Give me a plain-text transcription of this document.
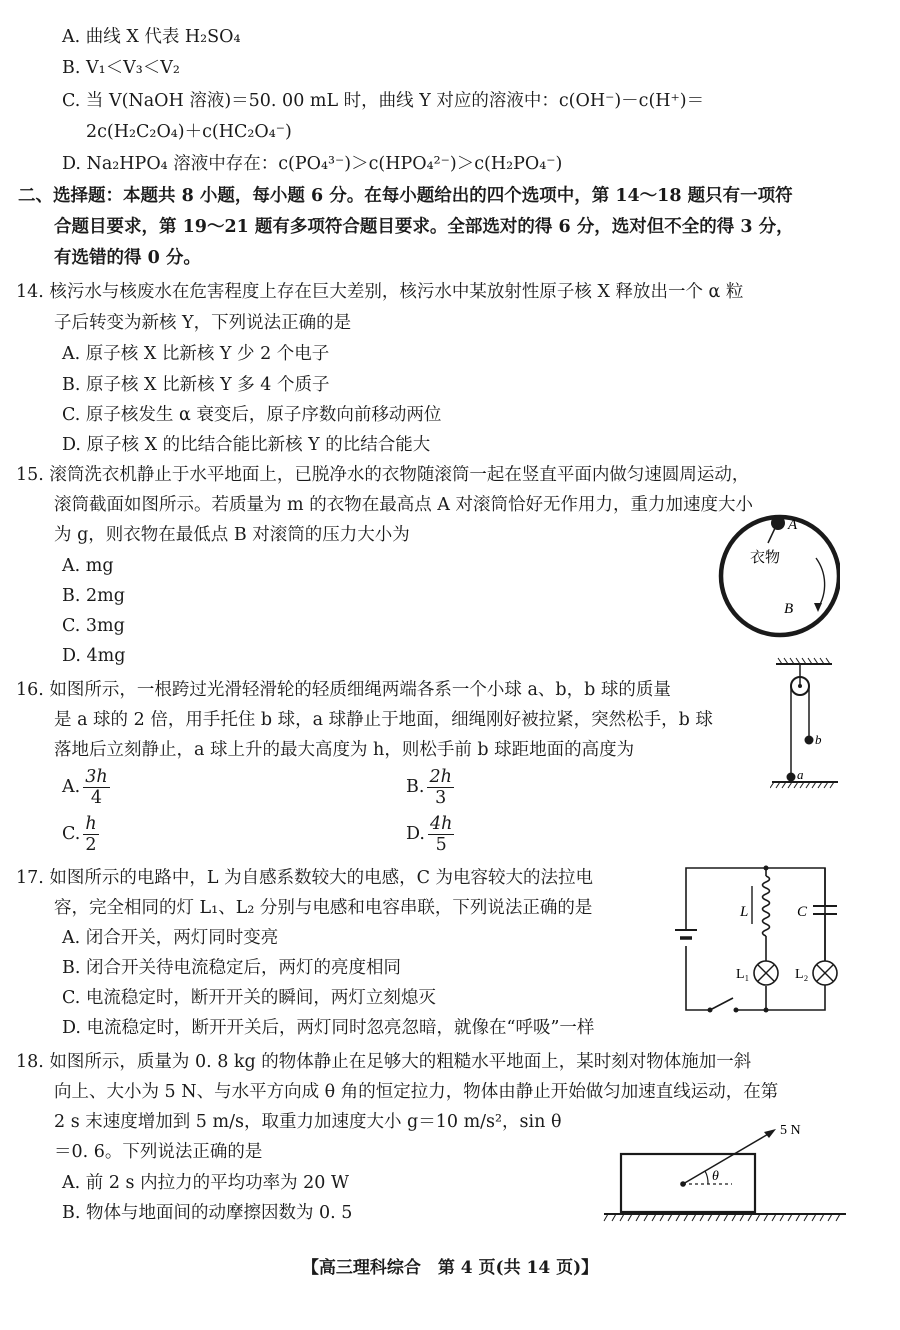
A. 曲线 X 代表 H₂SO₄
B. V₁＜V₃＜V₂
C. 当 V(NaOH 溶液)＝50. 00 mL 时，曲线 Y 对应的溶液中：c(OH⁻)－c(H⁺)＝
2c(H₂C₂O₄)＋c(HC₂O₄⁻)
D. Na₂HPO₄ 溶液中存在：c(PO₄³⁻)＞c(HPO₄²⁻)＞c(H₂PO₄⁻)
二、选择题：本题共 8 小题，每小题 6 分。在每小题给出的四个选项中，第 14～18 题只有一项符
合题目要求，第 19～21 题有多项符合题目要求。全部选对的得 6 分，选对但不全的得 3 分，
有选错的得 0 分。
14. 核污水与核废水在危害程度上存在巨大差别，核污水中某放射性原子核 X 释放出一个 α 粒
子后转变为新核 Y，下列说法正确的是
A. 原子核 X 比新核 Y 少 2 个电子
B. 原子核 X 比新核 Y 多 4 个质子
C. 原子核发生 α 衰变后，原子序数向前移动两位
D. 原子核 X 的比结合能比新核 Y 的比结合能大
15. 滚筒洗衣机静止于水平地面上，已脱净水的衣物随滚筒一起在竖直平面内做匀速圆周运动，
滚筒截面如图所示。若质量为 m 的衣物在最高点 A 对滚筒恰好无作用力，重力加速度大小
为 g，则衣物在最低点 B 对滚筒的压力大小为
A. mg
B. 2mg
C. 3mg
D. 4mg
16. 如图所示，一根跨过光滑轻滑轮的轻质细绳两端各系一个小球 a、b，b 球的质量
是 a 球的 2 倍，用手托住 b 球，a 球静止于地面，细绳刚好被拉紧，突然松手，b 球
落地后立刻静止，a 球上升的最大高度为 h，则松手前 b 球距地面的高度为
A. $\frac{3h}{4}$	B. $\frac{2h}{3}$
C. $\frac{h}{2}$	D. $\frac{4h}{5}$
17. 如图所示的电路中，L 为自感系数较大的电感，C 为电容较大的法拉电
容，完全相同的灯 L₁、L₂ 分别与电感和电容串联，下列说法正确的是
A. 闭合开关，两灯同时变亮
B. 闭合开关待电流稳定后，两灯的亮度相同
C. 电流稳定时，断开开关的瞬间，两灯立刻熄灭
D. 电流稳定时，断开开关后，两灯同时忽亮忽暗，就像在“呼吸”一样
18. 如图所示，质量为 0. 8 kg 的物体静止在足够大的粗糙水平地面上，某时刻对物体施加一斜
向上、大小为 5 N、与水平方向成 θ 角的恒定拉力，物体由静止开始做匀加速直线运动，在第
2 s 末速度增加到 5 m/s，取重力加速度大小 g＝10 m/s²，sin θ
＝0. 6。下列说法正确的是
A. 前 2 s 内拉力的平均功率为 20 W
B. 物体与地面间的动摩擦因数为 0. 5
A
衣物
B
b
a
L	C
L₁	L₂
θ
5 N
【高三理科综合　第 4 页(共 14 页)】
